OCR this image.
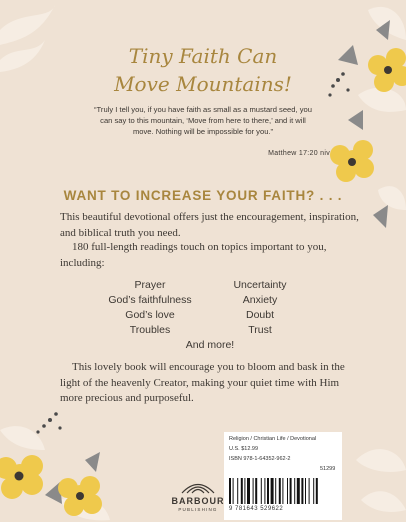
Tiny Faith Can
Move Mountains!
“Truly I tell you, if you have faith as small as a mustard seed, you can say to this mountain, ‘Move from here to there,’ and it will move. Nothing will be impossible for you.”
Matthew 17:20 niv
WANT TO INCREASE YOUR FAITH? . . .
This beautiful devotional offers just the encouragement, inspiration, and biblical truth you need.
180 full-length readings touch on topics important to you, including:
Prayer
God’s faithfulness
God’s love
Troubles
Uncertainty
Anxiety
Doubt
Trust
And more!
This lovely book will encourage you to bloom and bask in the light of the heavenly Creator, making your quiet time with Him more precious and purposeful.
BARBOUR
PUBLISHING
Religion / Christian Life / Devotional
U.S. $12.99
ISBN 978-1-64352-962-2
51299
9 781643 529622
